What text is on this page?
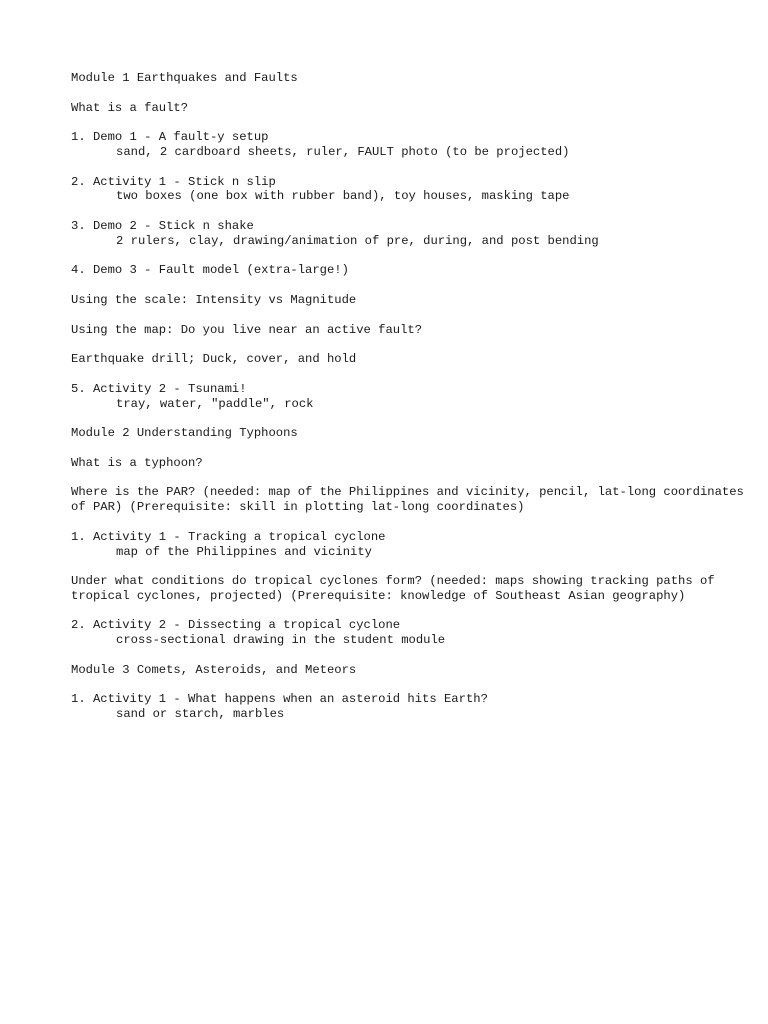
Module 1 Earthquakes and Faults
What is a fault?
1. Demo 1 - A fault-y setup
sand, 2 cardboard sheets, ruler, FAULT photo (to be projected)
2. Activity 1 - Stick n slip
two boxes (one box with rubber band), toy houses, masking tape
3. Demo 2 - Stick n shake
2 rulers, clay, drawing/animation of pre, during, and post bending
4. Demo 3 - Fault model (extra-large!)
Using the scale: Intensity vs Magnitude
Using the map: Do you live near an active fault?
Earthquake drill; Duck, cover, and hold
5. Activity 2 - Tsunami!
tray, water, "paddle", rock
Module 2 Understanding Typhoons
What is a typhoon?
Where is the PAR? (needed: map of the Philippines and vicinity, pencil, lat-long coordinates of PAR) (Prerequisite: skill in plotting lat-long coordinates)
1. Activity 1 - Tracking a tropical cyclone
map of the Philippines and vicinity
Under what conditions do tropical cyclones form? (needed: maps showing tracking paths of tropical cyclones, projected) (Prerequisite: knowledge of Southeast Asian geography)
2. Activity 2 - Dissecting a tropical cyclone
cross-sectional drawing in the student module
Module 3 Comets, Asteroids, and Meteors
1. Activity 1 - What happens when an asteroid hits Earth?
sand or starch, marbles
